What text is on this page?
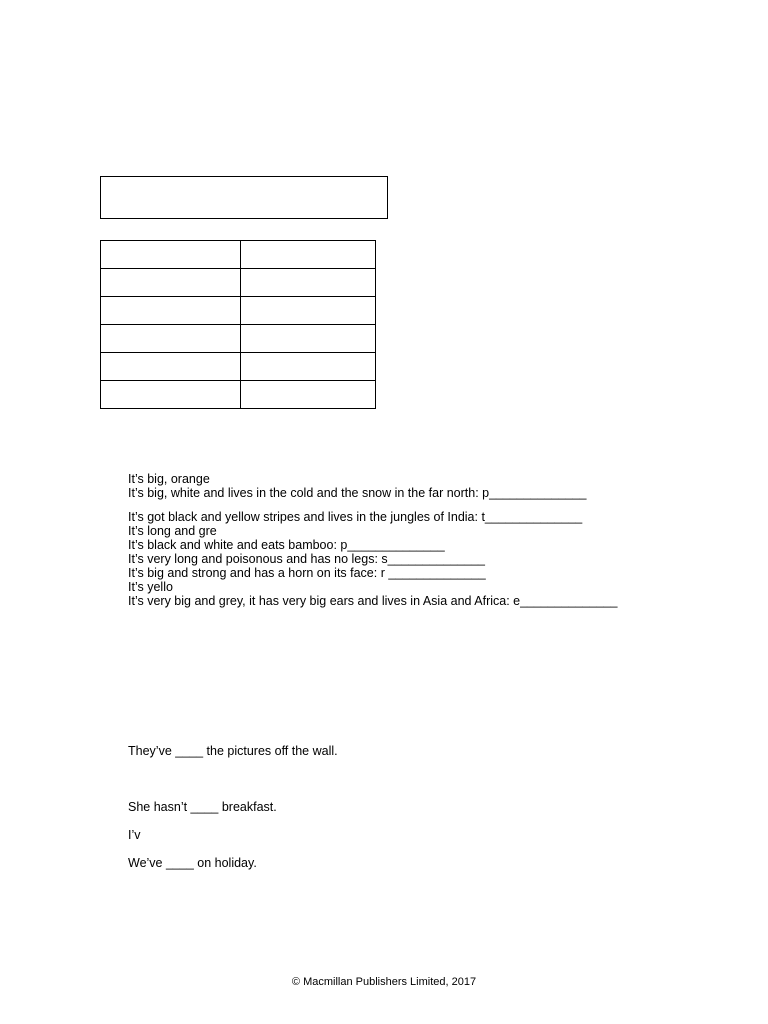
It’s big, orange
It’s big, white and lives in the cold and the snow in the far north: p______________
It’s got black and yellow stripes and lives in the jungles of India: t______________
It’s long and gre
It’s black and white and eats bamboo: p______________
It’s very long and poisonous and has no legs: s______________
It’s big and strong and has a horn on its face: r ______________
It’s yello
It’s very big and grey, it has very big ears and lives in Asia and Africa: e______________
They’ve ____ the pictures off the wall.
She hasn’t ____ breakfast.
I’v
We’ve ____ on holiday.
© Macmillan Publishers Limited, 2017
